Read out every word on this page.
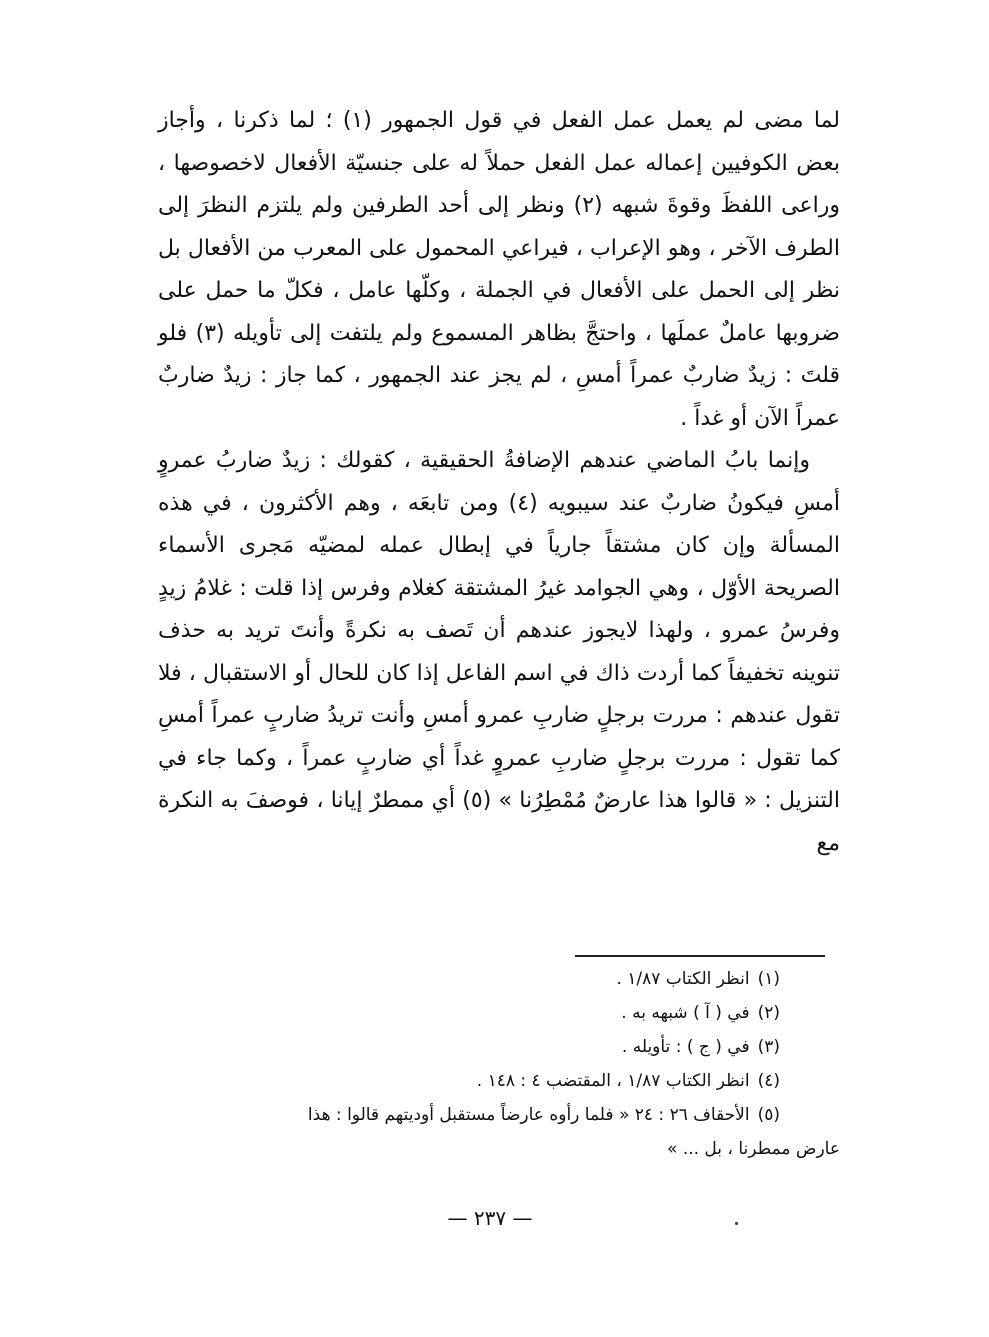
لما مضى لم يعمل عمل الفعل في قول الجمهور (١) ؛ لما ذكرنا ، وأجاز بعض الكوفيين إعماله عمل الفعل حملاً له على جنسيّة الأفعال لاخصوصها ، وراعى اللفظَ وقوةَ شبهه (٢) ونظر إلى أحد الطرفين ولم يلتزم النظرَ إلى الطرف الآخر ، وهو الإعراب ، فيراعي المحمول على المعرب من الأفعال بل نظر إلى الحمل على الأفعال في الجملة ، وكلّها عامل ، فكلّ ما حمل على ضروبها عاملٌ عملَها ، واحتجَّ بظاهر المسموع ولم يلتفت إلى تأويله (٣) فلو قلتَ : زيدٌ ضاربٌ عمراً أمسِ ، لم يجز عند الجمهور ، كما جاز : زيدٌ ضاربٌ عمراً الآن أو غداً .

وإنما بابُ الماضي عندهم الإضافةُ الحقيقية ، كقولك : زيدٌ ضاربُ عمروٍ أمسِ فيكونُ ضاربٌ عند سيبويه (٤) ومن تابعَه ، وهم الأكثرون ، في هذه المسألة وإن كان مشتقاً جارياً في إبطال عمله لمضيّه مَجرى الأسماء الصريحة الأوّل ، وهي الجوامد غيرُ المشتقة كغلام وفرس إذا قلت : غلامُ زيدٍ وفرسُ عمرو ، ولهذا لايجوز عندهم أن تَصف به نكرةً وأنتَ تريد به حذف تنوينه تخفيفاً كما أردت ذاك في اسم الفاعل إذا كان للحال أو الاستقبال ، فلا تقول عندهم : مررت برجلٍ ضاربِ عمرو أمسِ وأنت تريدُ ضاربٍ عمراً أمسِ كما تقول : مررت برجلٍ ضاربِ عمروٍ غداً أي ضاربٍ عمراً ، وكما جاء في التنزيل : « قالوا هذا عارضٌ مُمْطِرُنا » (٥) أي ممطرٌ إيانا ، فوصفَ به النكرة مع

(١)انظر الكتاب ١/٨٧ .

(٢)في ( آ ) شبهه به .

(٣)في ( ج ) : تأويله .

(٤)انظر الكتاب ١/٨٧ ، المقتضب ٤ : ١٤٨ .

(٥)الأحقاف ٢٦ : ٢٤ « فلما رأوه عارضاً مستقبل أوديتهم قالوا : هذا
عارض ممطرنا ، بل ... »

— ٢٣٧ —
